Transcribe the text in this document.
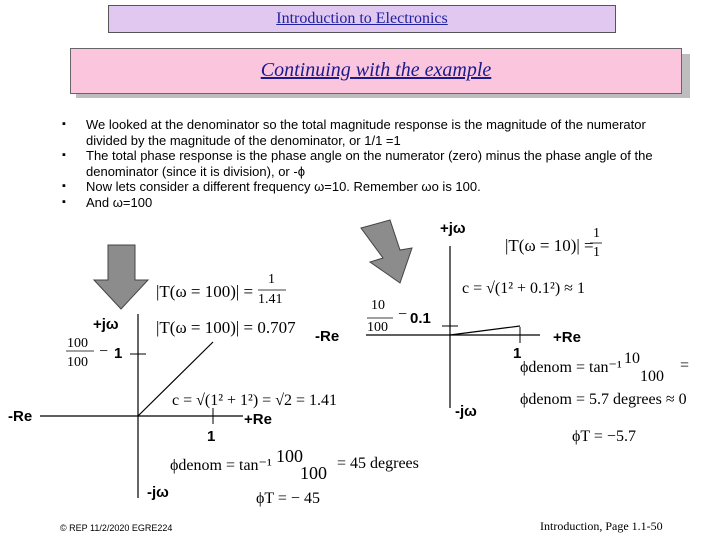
Introduction to Electronics
Continuing with the example
▪ We looked at the denominator so the total magnitude response is the magnitude of the numerator divided by the magnitude of the denominator, or 1/1 =1
▪ The total phase response is the phase angle on the numerator (zero) minus the phase angle of the denominator (since it is division), or -ϕ
▪ Now lets consider a different frequency ω=10. Remember ωo is 100.
▪ And ω=100
+jω
-jω
-Re	+Re
1
1
100
100
−
|T(ω = 100)| =
1
1.41
|T(ω = 100)| = 0.707
c = √(1² + 1²) = √2 = 1.41
ϕdenom = tan⁻¹ 100
100 = 45 degrees
ϕT = − 45
+jω
-jω
-Re	+Re
1
0.1
10
100
−
|T(ω = 10)| =
1
1
c = √(1² + 0.1²) ≈ 1
ϕdenom = tan⁻¹
10
100
=
ϕdenom = 5.7 degrees ≈ 0
ϕT = −5.7
© REP 11/2/2020 EGRE224	Introduction, Page 1.1-50
